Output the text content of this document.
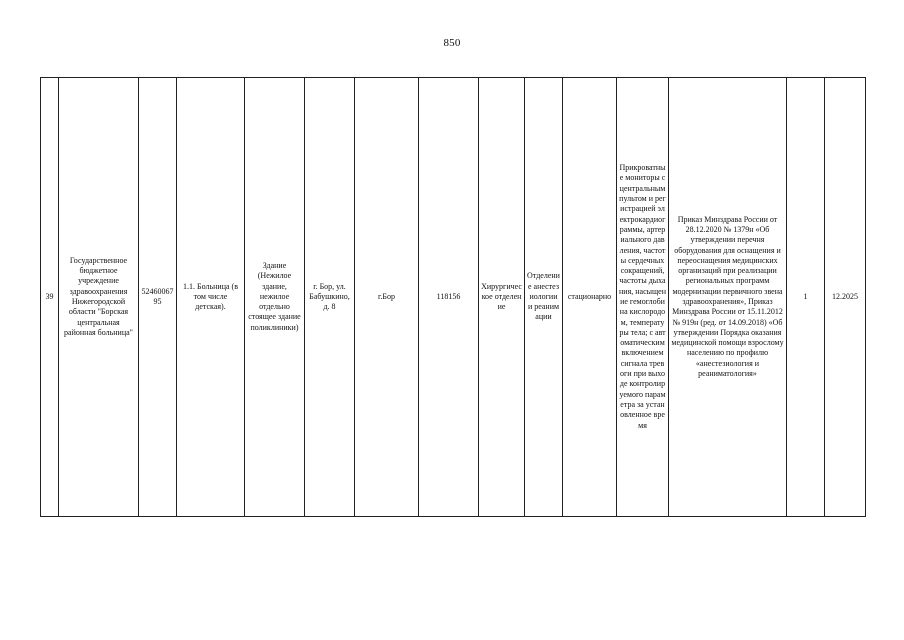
850
39	Государственное бюджетное учреждение здравоохранения Нижегородской области "Борская центральная районная больница"	5246006795	1.1. Больница (в том числе детская).	Здание (Нежилое здание, нежилое отдельно стоящее здание поликлиники)	г. Бор, ул. Бабушкино, д. 8	г.Бор	118156	Хирургическое отделение	Отделение анестезиологии и реанимации	стационарно	Прикроватные мониторы с центральным пультом и регистрацией электрокардиограммы, артериального давления, частоты сердечных сокращений, частоты дыхания, насыщение гемоглобина кислородом, температуры тела; с автоматическим включением сигнала тревоги при выходе контролируемого параметра за установленное время	Приказ Минздрава России от 28.12.2020 № 1379н «Об утверждении перечня оборудования для оснащения и переоснащения медицинских организаций при реализации региональных программ модернизации первичного звена здравоохранения», Приказ Минздрава России от 15.11.2012 № 919н (ред. от 14.09.2018) «Об утверждении Порядка оказания медицинской помощи взрослому населению по профилю «анестезиология и реаниматология»	1	12.2025
